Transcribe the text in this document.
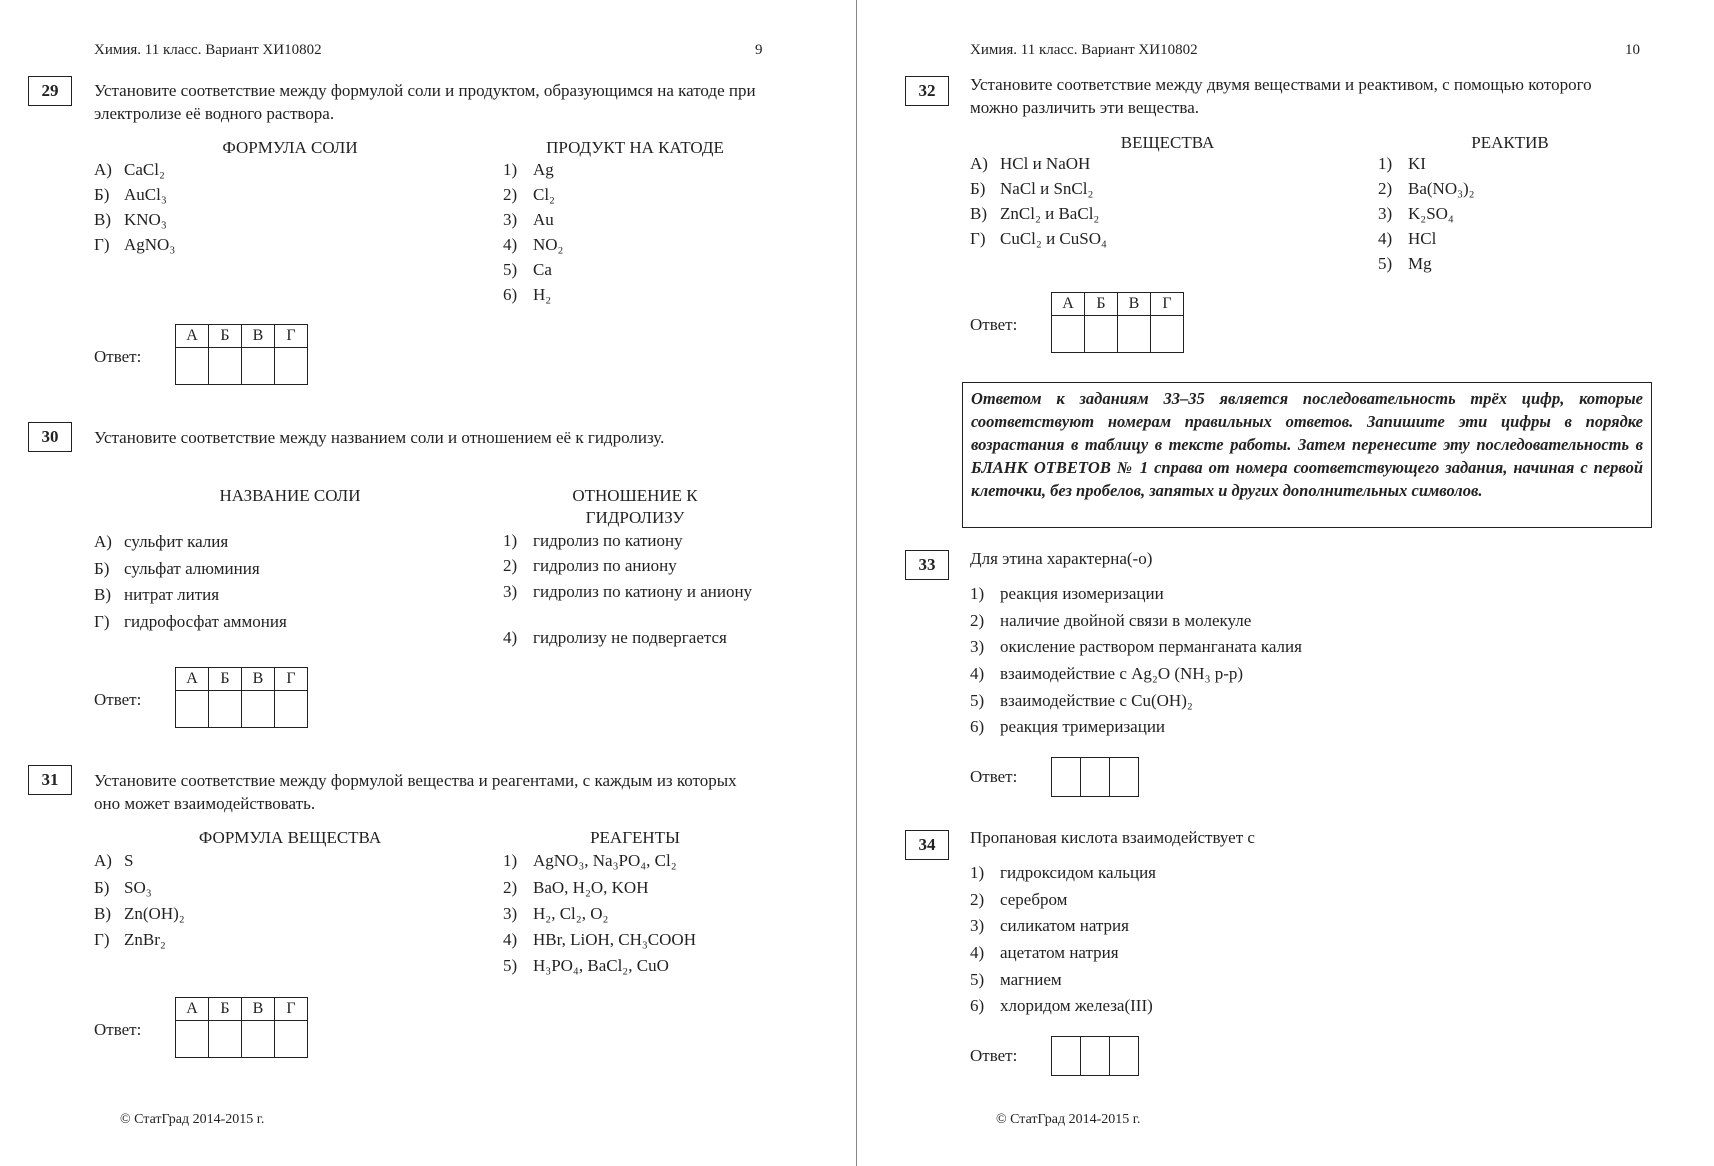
Химия. 11 класс. Вариант ХИ10802	9
29	Установите соответствие между формулой соли и продуктом, образующимся на катоде при электролизе её водного раствора.
ФОРМУЛА СОЛИ	ПРОДУКТ НА КАТОДЕ
А) CaCl₂
Б) AuCl₃
В) KNO₃
Г) AgNO₃
1) Ag
2) Cl₂
3) Au
4) NO₂
5) Ca
6) H₂
Ответ:
А	Б	В	Г

30	Установите соответствие между названием соли и отношением её к гидролизу.
НАЗВАНИЕ СОЛИ	ОТНОШЕНИЕ К
ГИДРОЛИЗУ
А) сульфит калия
Б) сульфат алюминия
В) нитрат лития
Г) гидрофосфат аммония
1) гидролиз по катиону
2) гидролиз по аниону
3) гидролиз по катиону и аниону
4) гидролизу не подвергается
Ответ:
А	Б	В	Г

31	Установите соответствие между формулой вещества и реагентами, с каждым из которых оно может взаимодействовать.
ФОРМУЛА ВЕЩЕСТВА	РЕАГЕНТЫ
А) S
Б) SO₃
В) Zn(OH)₂
Г) ZnBr₂
1) AgNO₃, Na₃PO₄, Cl₂
2) BaO, H₂O, KOH
3) H₂, Cl₂, O₂
4) HBr, LiOH, CH₃COOH
5) H₃PO₄, BaCl₂, CuO
Ответ:
А	Б	В	Г

© СтатГрад 2014-2015 г.
Химия. 11 класс. Вариант ХИ10802	10
32	Установите соответствие между двумя веществами и реактивом, с помощью которого можно различить эти вещества.
ВЕЩЕСТВА	РЕАКТИВ
А) HCl и NaOH
Б) NaCl и SnCl₂
В) ZnCl₂ и BaCl₂
Г) CuCl₂ и CuSO₄
1) KI
2) Ba(NO₃)₂
3) K₂SO₄
4) HCl
5) Mg
Ответ:
А	Б	В	Г

Ответом к заданиям 33–35 является последовательность трёх цифр, которые соответствуют номерам правильных ответов. Запишите эти цифры в порядке возрастания в таблицу в тексте работы. Затем перенесите эту последовательность в БЛАНК ОТВЕТОВ № 1 справа от номера соответствующего задания, начиная с первой клеточки, без пробелов, запятых и других дополнительных символов.
33	Для этина характерна(-о)
1) реакция изомеризации
2) наличие двойной связи в молекуле
3) окисление раствором перманганата калия
4) взаимодействие с Ag₂O (NH₃ р-р)
5) взаимодействие с Cu(OH)₂
6) реакция тримеризации
Ответ:

34	Пропановая кислота взаимодействует с
1) гидроксидом кальция
2) серебром
3) силикатом натрия
4) ацетатом натрия
5) магнием
6) хлоридом железа(III)
Ответ:

© СтатГрад 2014-2015 г.
